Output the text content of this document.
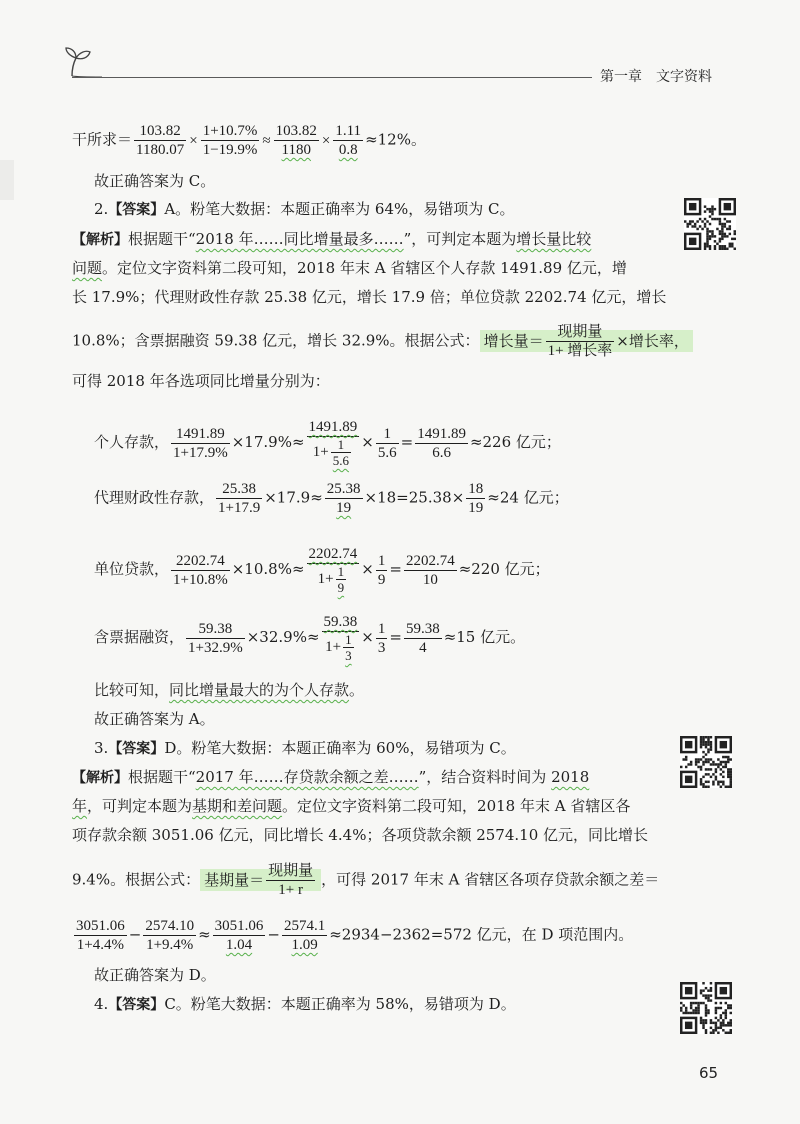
第一章 文字资料
干所求＝ $\frac{103.82}{1180.07} \times \frac{1+10.7\%}{1-19.9\%} \approx \frac{103.82}{1180} \times \frac{1.11}{0.8} \approx 12\%$。
故正确答案为 C。
2.【答案】A。粉笔大数据：本题正确率为 64%，易错项为 C。
【解析】根据题干“2018 年……同比增量最多……”，可判定本题为增长量比较
问题。定位文字资料第二段可知，2018 年末 A 省辖区个人存款 1491.89 亿元，增
长 17.9%；代理财政性存款 25.38 亿元，增长 17.9 倍；单位贷款 2202.74 亿元，增长
10.8%；含票据融资 59.38 亿元，增长 32.9%。根据公式： 增长量＝ $\frac{\text{现期量}}{\text{1+ 增长率}}$ ×增长率，
可得 2018 年各选项同比增量分别为：
个人存款， $\frac{1491.89}{1+17.9\%} \times 17.9\%\approx \frac{1491.89}{1+ \frac{1}{5.6}} \times \frac{1}{5.6} = \frac{1491.89}{6.6} \approx 226$ 亿元；
代理财政性存款， $\frac{25.38}{1+17.9} \times 17.9\approx \frac{25.38}{19} \times 18=25.38\times \frac{18}{19} \approx 24$ 亿元；
单位贷款， $\frac{2202.74}{1+10.8\%} \times 10.8\%\approx \frac{2202.74}{1+ \frac{1}{9}} \times \frac{1}{9} = \frac{2202.74}{10} \approx 220$ 亿元；
含票据融资， $\frac{59.38}{1+32.9\%} \times 32.9\%\approx \frac{59.38}{1+ \frac{1}{3}} \times \frac{1}{3} = \frac{59.38}{4} \approx 15$ 亿元。
比较可知，同比增量最大的为个人存款。
故正确答案为 A。
3.【答案】D。粉笔大数据：本题正确率为 60%，易错项为 C。
【解析】根据题干“2017 年……存贷款余额之差……”，结合资料时间为 2018
年，可判定本题为基期和差问题。定位文字资料第二段可知，2018 年末 A 省辖区各
项存款余额 3051.06 亿元，同比增长 4.4%；各项贷款余额 2574.10 亿元，同比增长
9.4%。根据公式： 基期量＝ $\frac{\text{现期量}}{1+ r}$ ，可得 2017 年末 A 省辖区各项存贷款余额之差＝
$\frac{3051.06}{1+4.4\%} - \frac{2574.10}{1+9.4\%} \approx \frac{3051.06}{1.04} - \frac{2574.1}{1.09} \approx 2934-2362=572$ 亿元，在 D 项范围内。
故正确答案为 D。
4.【答案】C。粉笔大数据：本题正确率为 58%，易错项为 D。
65
